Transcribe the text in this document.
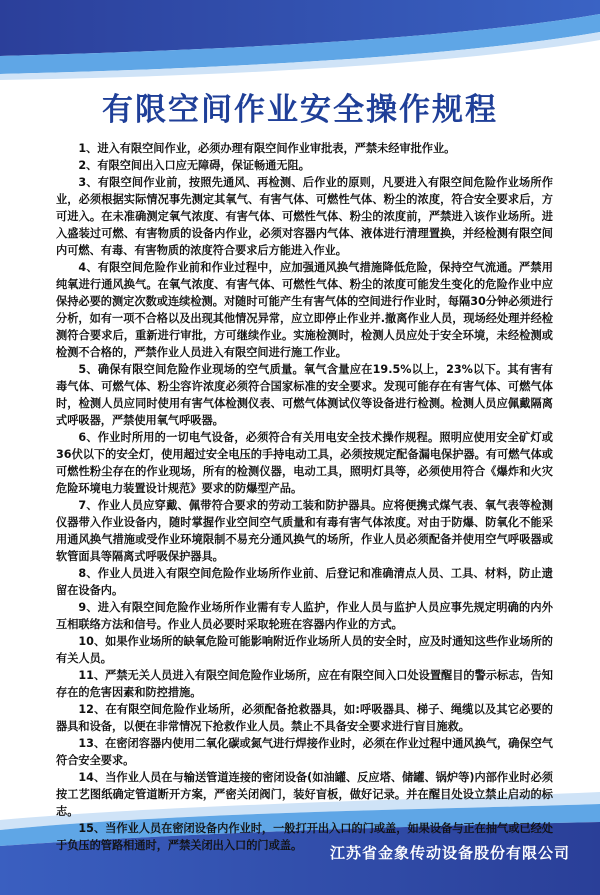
有限空间作业安全操作规程

1、进入有限空间作业，必须办理有限空间作业审批表，严禁未经审批作业。

2、有限空间出入口应无障碍，保证畅通无阻。

3、有限空间作业前，按照先通风、再检测、后作业的原则，凡要进入有限空间危险作业场所作业，必须根据实际情况事先测定其氧气、有害气体、可燃性气体、粉尘的浓度，符合安全要求后，方可进入。在未准确测定氧气浓度、有害气体、可燃性气体、粉尘的浓度前，严禁进入该作业场所。进入盛装过可燃、有害物质的设备内作业，必须对容器内气体、液体进行清理置换，并经检测有限空间内可燃、有毒、有害物质的浓度符合要求后方能进入作业。

4、有限空间危险作业前和作业过程中，应加强通风换气措施降低危险，保持空气流通。严禁用纯氧进行通风换气。在氧气浓度、有害气体、可燃性气体、粉尘的浓度可能发生变化的危险作业中应保持必要的测定次数或连续检测。对随时可能产生有害气体的空间进行作业时，每隔30分钟必须进行分析，如有一项不合格以及出现其他情况异常，应立即停止作业并.撤离作业人员，现场经处理并经检测符合要求后，重新进行审批，方可继续作业。实施检测时，检测人员应处于安全环境，未经检测或检测不合格的，严禁作业人员进入有限空间进行施工作业。

5、确保有限空间危险作业现场的空气质量。氧气含量应在19.5%以上，23%以下。其有害有毒气体、可燃气体、粉尘容许浓度必须符合国家标准的安全要求。发现可能存在有害气体、可燃气体时，检测人员应同时使用有害气体检测仪表、可燃气体测试仪等设备进行检测。检测人员应佩戴隔离式呼吸器，严禁使用氧气呼吸器。

6、作业时所用的一切电气设备，必须符合有关用电安全技术操作规程。照明应使用安全矿灯或36伏以下的安全灯，使用超过安全电压的手持电动工具，必须按规定配备漏电保护器。有可燃气体或可燃性粉尘存在的作业现场，所有的检测仪器，电动工具，照明灯具等，必须使用符合《爆炸和火灾危险环境电力装置设计规范》要求的防爆型产品。

7、作业人员应穿戴、佩带符合要求的劳动工装和防护器具。应将便携式煤气表、氧气表等检测仪器带入作业设备内，随时掌握作业空间空气质量和有毒有害气体浓度。对由于防爆、防氧化不能采用通风换气措施或受作业环境限制不易充分通风换气的场所，作业人员必须配备并使用空气呼吸器或软管面具等隔离式呼吸保护器具。

8、作业人员进入有限空间危险作业场所作业前、后登记和准确清点人员、工具、材料，防止遗留在设备内。

9、进入有限空间危险作业场所作业需有专人监护，作业人员与监护人员应事先规定明确的内外互相联络方法和信号。作业人员必要时采取轮班在容器内作业的方式。

10、如果作业场所的缺氧危险可能影响附近作业场所人员的安全时，应及时通知这些作业场所的有关人员。

11、严禁无关人员进入有限空间危险作业场所，应在有限空间入口处设置醒目的警示标志，告知存在的危害因素和防控措施。

12、在有限空间危险作业场所，必须配备抢救器具，如:呼吸器具、梯子、绳缆以及其它必要的器具和设备，以便在非常情况下抢救作业人员。禁止不具备安全要求进行盲目施救。

13、在密闭容器内使用二氧化碳或氮气进行焊接作业时，必须在作业过程中通风换气，确保空气符合安全要求。

14、当作业人员在与输送管道连接的密闭设备(如油罐、反应塔、储罐、锅炉等)内部作业时必须按工艺图纸确定管道断开方案，严密关闭阀门，装好盲板，做好记录。并在醒目处设立禁止启动的标志。

15、当作业人员在密闭设备内作业时，一般打开出入口的门或盖，如果设备与正在抽气或已经处于负压的管路相通时，严禁关闭出入口的门或盖。	江苏省金象传动设备股份有限公司
